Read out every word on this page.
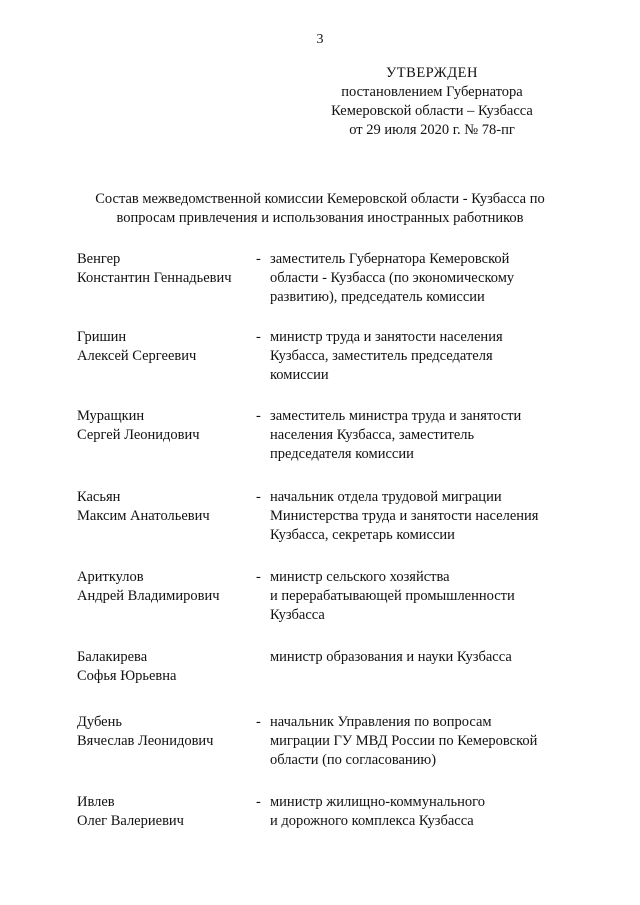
3
УТВЕРЖДЕН
постановлением Губернатора
Кемеровской области – Кузбасса
от 29 июля 2020 г. № 78-пг
Состав межведомственной комиссии Кемеровской области - Кузбасса по
вопросам привлечения и использования иностранных работников
Венгер
Константин Геннадьевич
- заместитель Губернатора Кемеровской
области - Кузбасса (по экономическому
развитию), председатель комиссии
Гришин
Алексей Сергеевич
- министр труда и занятости населения
Кузбасса, заместитель председателя
комиссии
Муращкин
Сергей Леонидович
- заместитель министра труда и занятости
населения Кузбасса, заместитель
председателя комиссии
Касьян
Максим Анатольевич
- начальник отдела трудовой миграции
Министерства труда и занятости населения
Кузбасса, секретарь комиссии
Ариткулов
Андрей Владимирович
- министр сельского хозяйства
и перерабатывающей промышленности
Кузбасса
Балакирева
Софья Юрьевна
министр образования и науки Кузбасса
Дубень
Вячеслав Леонидович
- начальник Управления по вопросам
миграции ГУ МВД России по Кемеровской
области (по согласованию)
Ивлев
Олег Валериевич
- министр жилищно-коммунального
и дорожного комплекса Кузбасса
